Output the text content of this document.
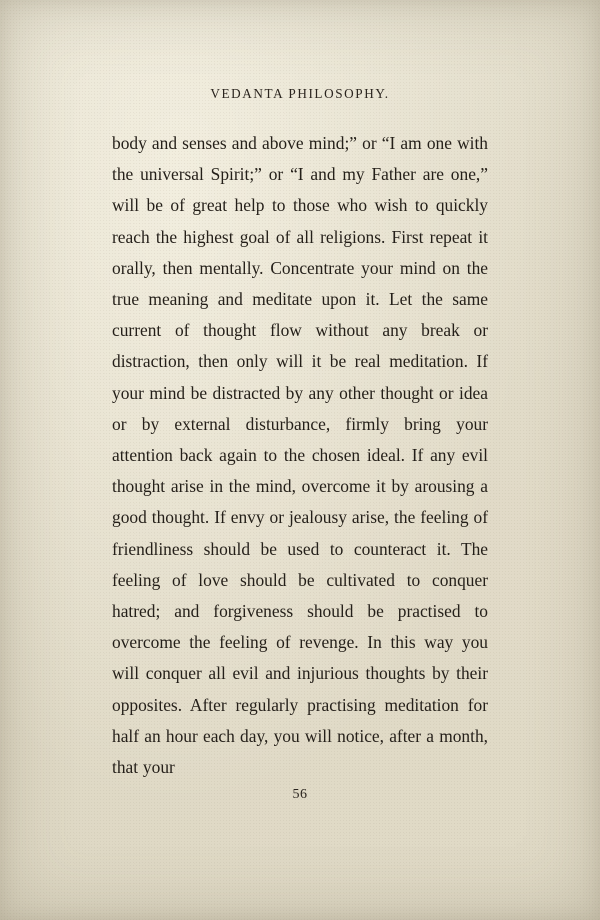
VEDANTA PHILOSOPHY.

body and senses and above mind;” or “I am one with the universal Spirit;” or “I and my Father are one,” will be of great help to those who wish to quickly reach the highest goal of all religions. First repeat it orally, then mentally. Concentrate your mind on the true meaning and meditate upon it. Let the same current of thought flow without any break or distraction, then only will it be real meditation. If your mind be distracted by any other thought or idea or by external disturbance, firmly bring your attention back again to the chosen ideal. If any evil thought arise in the mind, overcome it by arousing a good thought. If envy or jealousy arise, the feeling of friendliness should be used to counteract it. The feeling of love should be cultivated to conquer hatred; and forgiveness should be practised to overcome the feeling of revenge. In this way you will conquer all evil and injurious thoughts by their opposites. After regularly practising meditation for half an hour each day, you will notice, after a month, that your

56
